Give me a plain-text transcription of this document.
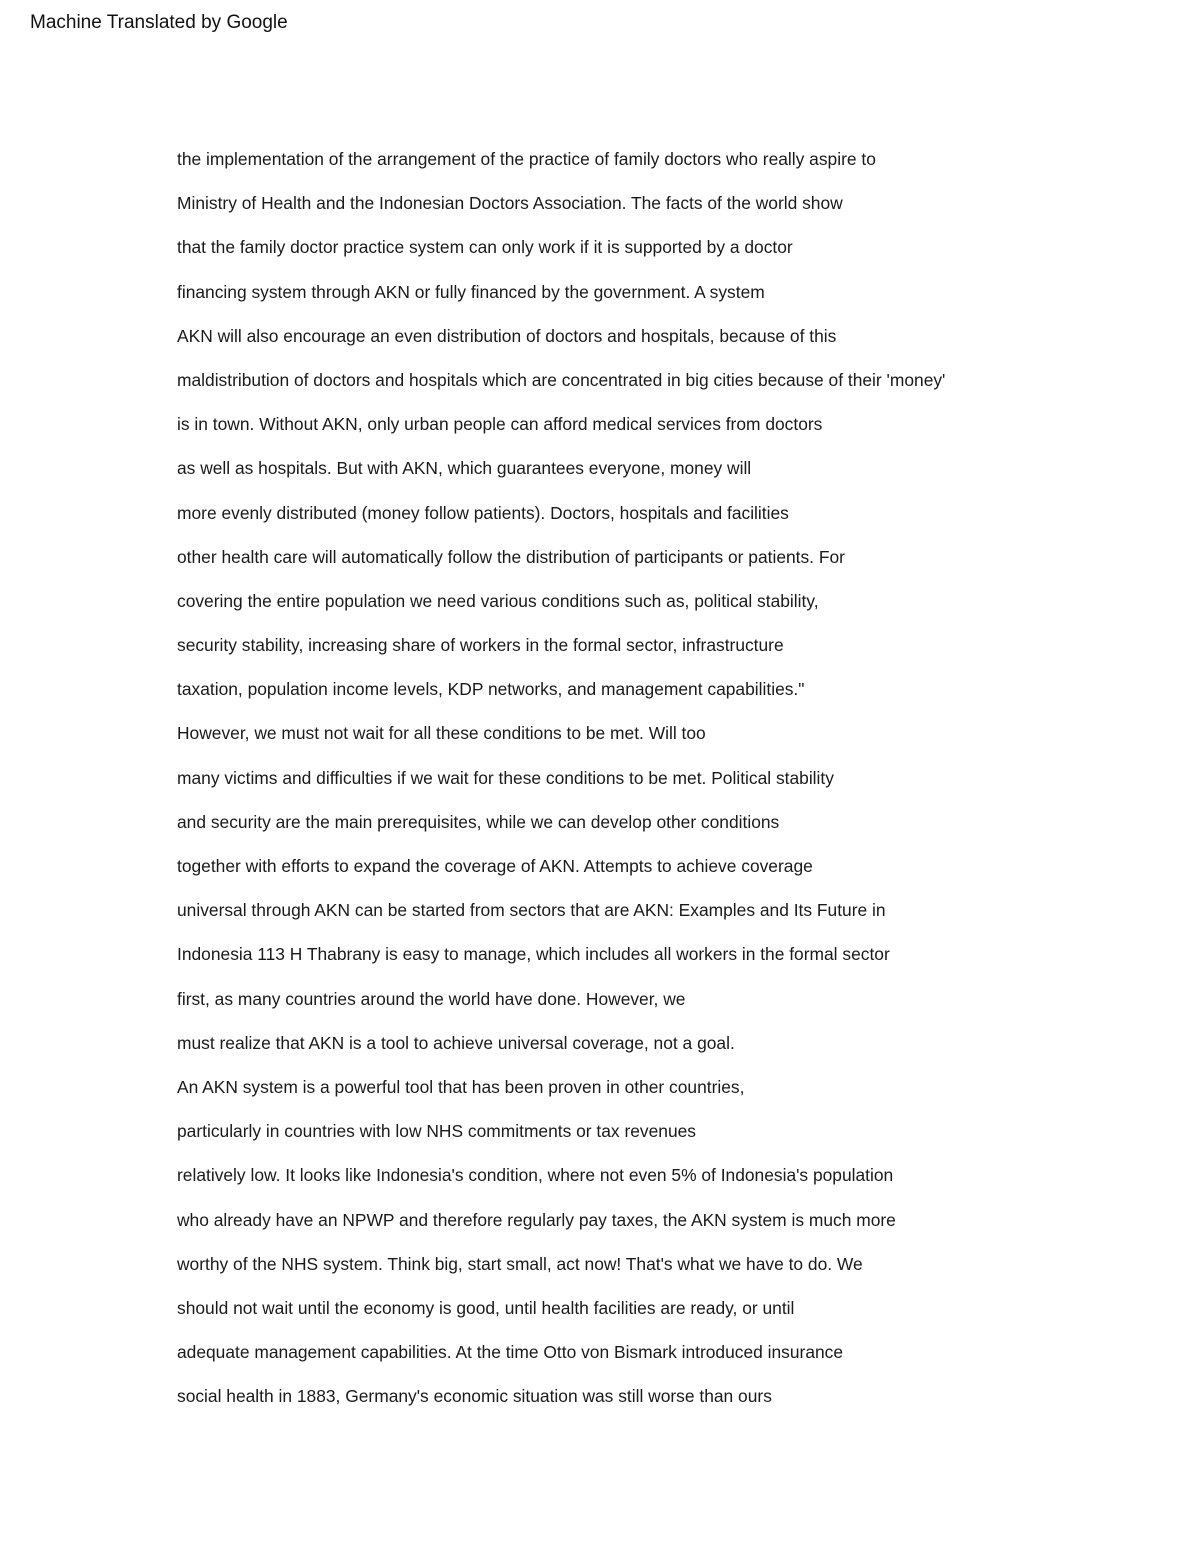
Machine Translated by Google
the implementation of the arrangement of the practice of family doctors who really aspire to
Ministry of Health and the Indonesian Doctors Association. The facts of the world show
that the family doctor practice system can only work if it is supported by a doctor
financing system through AKN or fully financed by the government. A system
AKN will also encourage an even distribution of doctors and hospitals, because of this
maldistribution of doctors and hospitals which are concentrated in big cities because of their 'money'
is in town. Without AKN, only urban people can afford medical services from doctors
as well as hospitals. But with AKN, which guarantees everyone, money will
more evenly distributed (money follow patients). Doctors, hospitals and facilities
other health care will automatically follow the distribution of participants or patients. For
covering the entire population we need various conditions such as, political stability,
security stability, increasing share of workers in the formal sector, infrastructure
taxation, population income levels, KDP networks, and management capabilities."
However, we must not wait for all these conditions to be met. Will too
many victims and difficulties if we wait for these conditions to be met. Political stability
and security are the main prerequisites, while we can develop other conditions
together with efforts to expand the coverage of AKN. Attempts to achieve coverage
universal through AKN can be started from sectors that are AKN: Examples and Its Future in
Indonesia 113 H Thabrany is easy to manage, which includes all workers in the formal sector
first, as many countries around the world have done. However, we
must realize that AKN is a tool to achieve universal coverage, not a goal.
An AKN system is a powerful tool that has been proven in other countries,
particularly in countries with low NHS commitments or tax revenues
relatively low. It looks like Indonesia's condition, where not even 5% of Indonesia's population
who already have an NPWP and therefore regularly pay taxes, the AKN system is much more
worthy of the NHS system. Think big, start small, act now! That's what we have to do. We
should not wait until the economy is good, until health facilities are ready, or until
adequate management capabilities. At the time Otto von Bismark introduced insurance
social health in 1883, Germany's economic situation was still worse than ours
